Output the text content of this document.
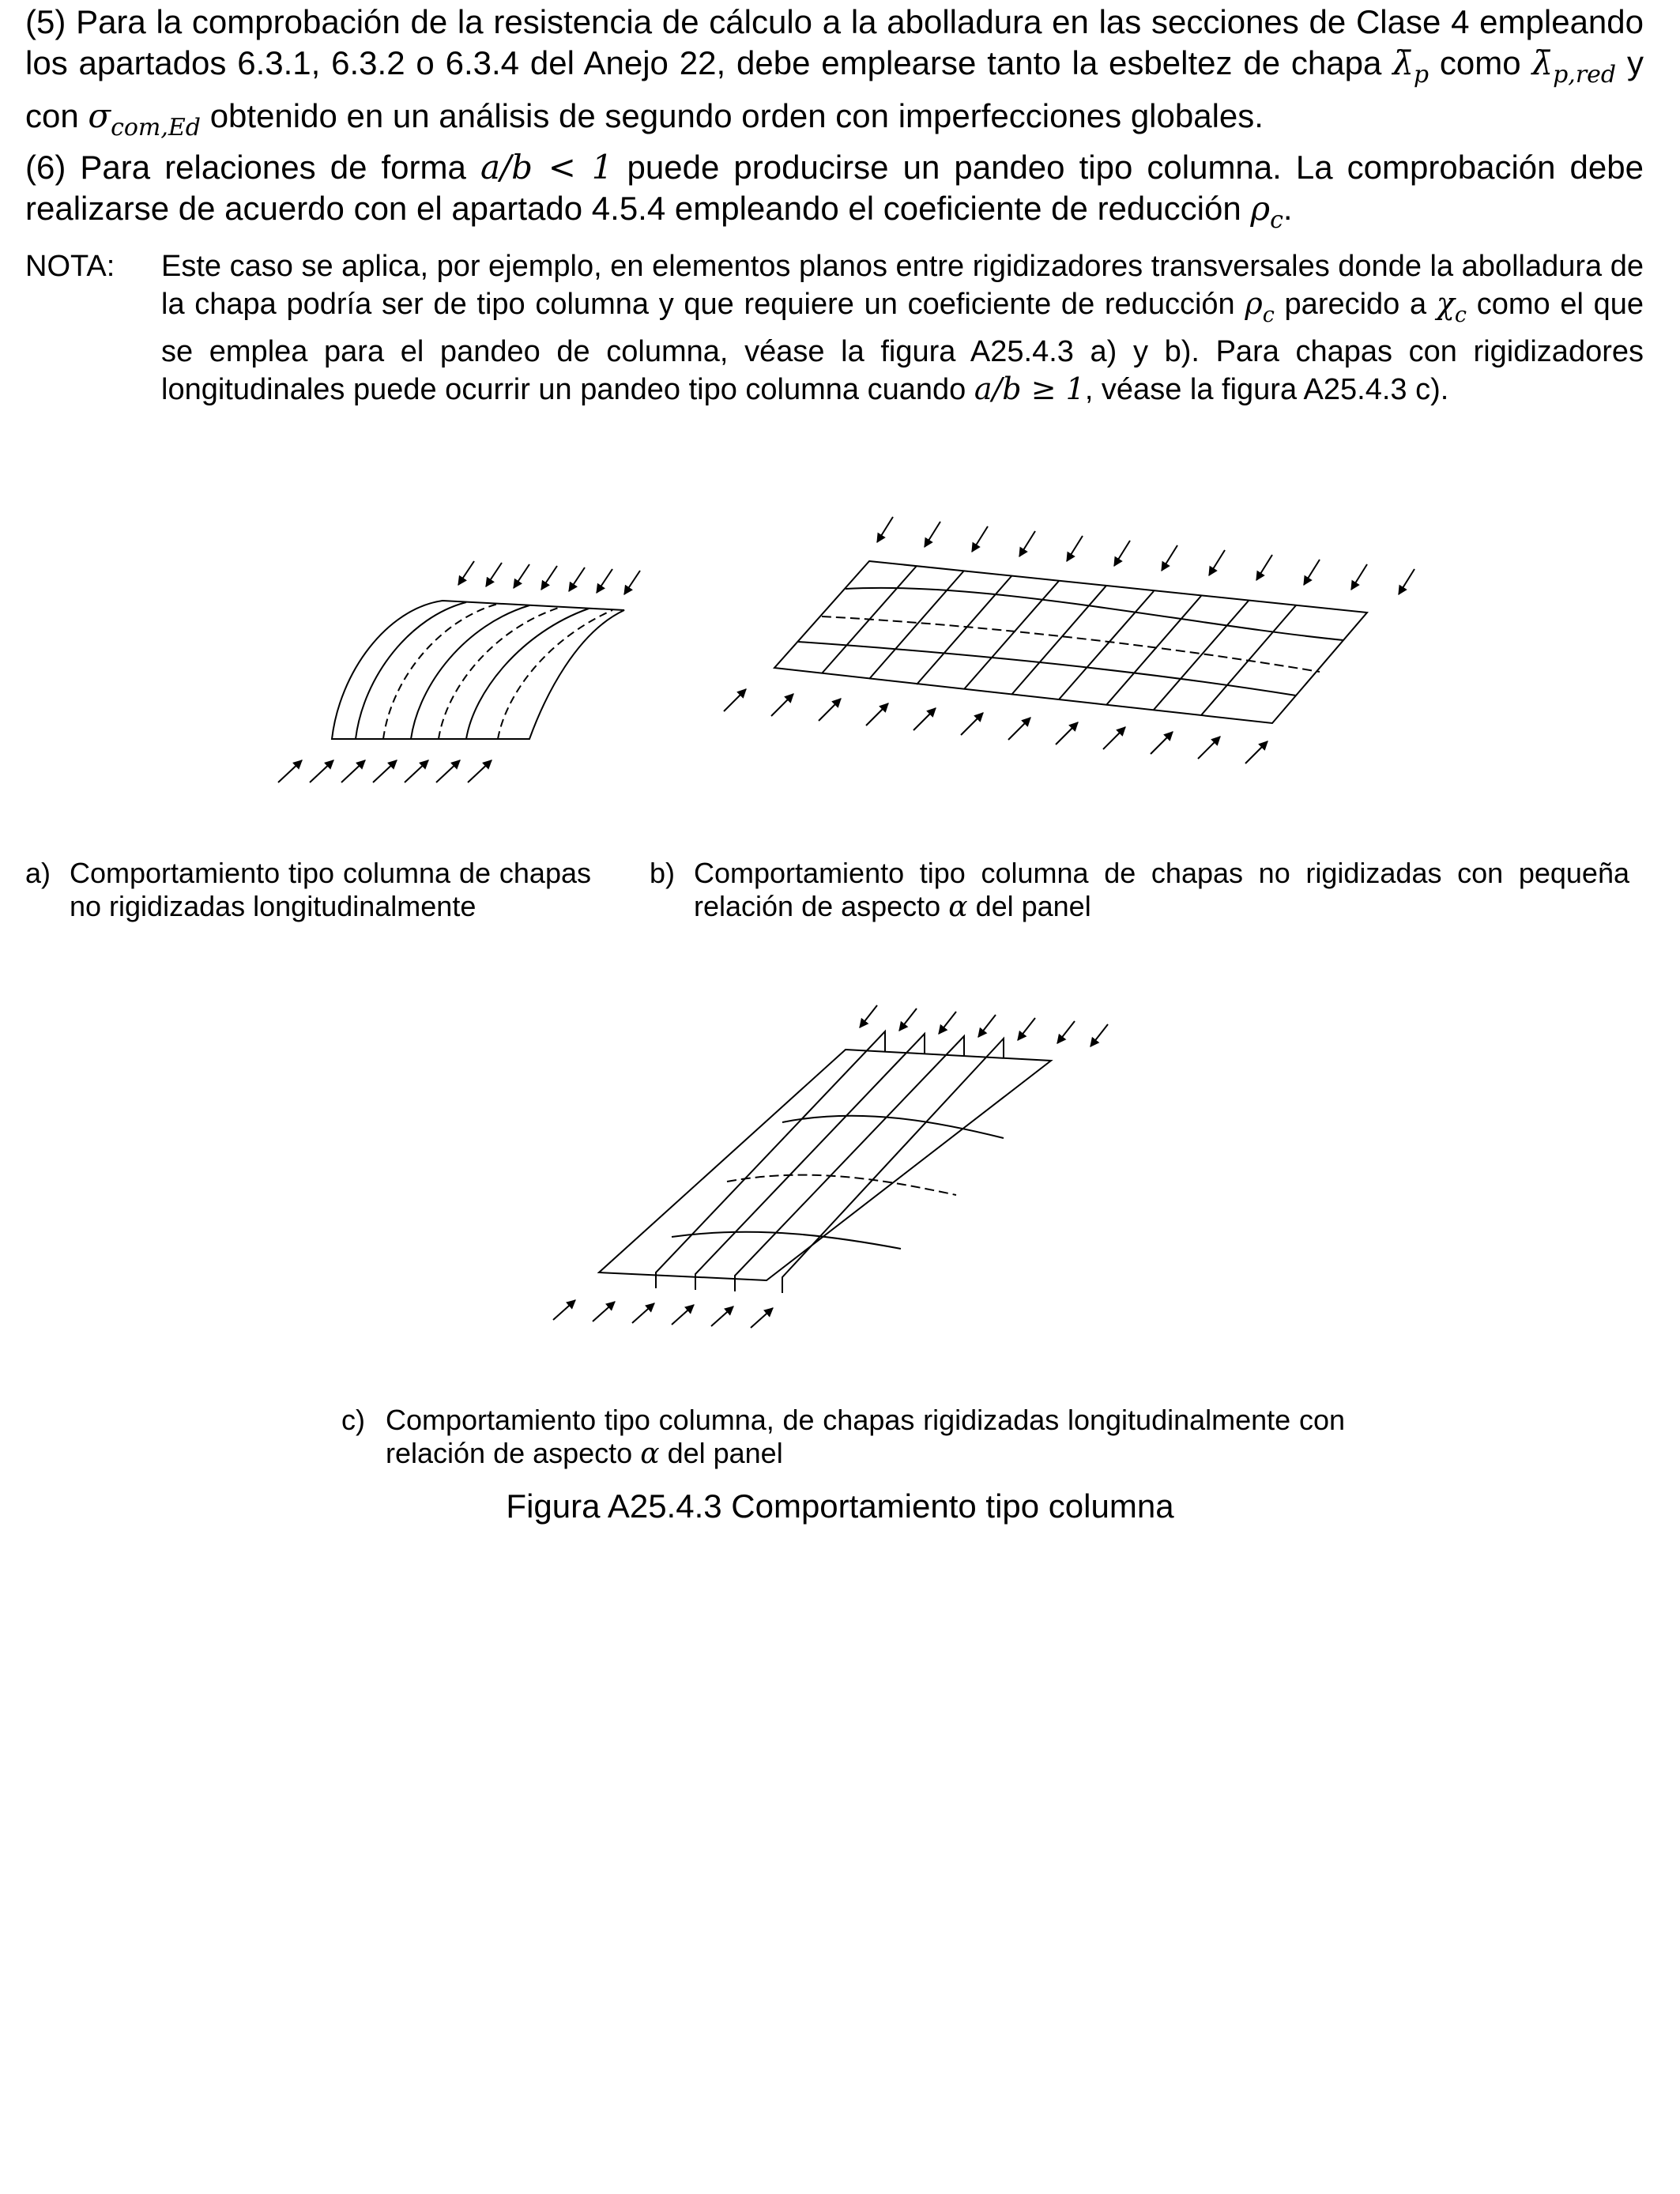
(5) Para la comprobación de la resistencia de cálculo a la abolladura en las secciones de Clase 4 empleando los apartados 6.3.1, 6.3.2 o 6.3.4 del Anejo 22, debe emplearse tanto la esbeltez de chapa $\lambdā_p$ como $\lambdā_{p,red}$ y con $\sigma_{com,Ed}$ obtenido en un análisis de segundo orden con imperfecciones globales.

(6) Para relaciones de forma a/b < 1 puede producirse un pandeo tipo columna. La comprobación debe realizarse de acuerdo con el apartado 4.5.4 empleando el coeficiente de reducción $\rho_c$.

NOTA: Este caso se aplica, por ejemplo, en elementos planos entre rigidizadores transversales donde la abolladura de la chapa podría ser de tipo columna y que requiere un coeficiente de reducción $\rho_c$ parecido a $\chi_c$ como el que se emplea para el pandeo de columna, véase la figura A25.4.3 a) y b). Para chapas con rigidizadores longitudinales puede ocurrir un pandeo tipo columna cuando a/b ≥ 1, véase la figura A25.4.3 c).
a) Comportamiento tipo columna de chapas no rigidizadas longitudinalmente
b) Comportamiento tipo columna de chapas no rigidizadas con pequeña relación de aspecto α del panel
c) Comportamiento tipo columna, de chapas rigidizadas longitudinalmente con relación de aspecto α del panel
Figura A25.4.3 Comportamiento tipo columna
